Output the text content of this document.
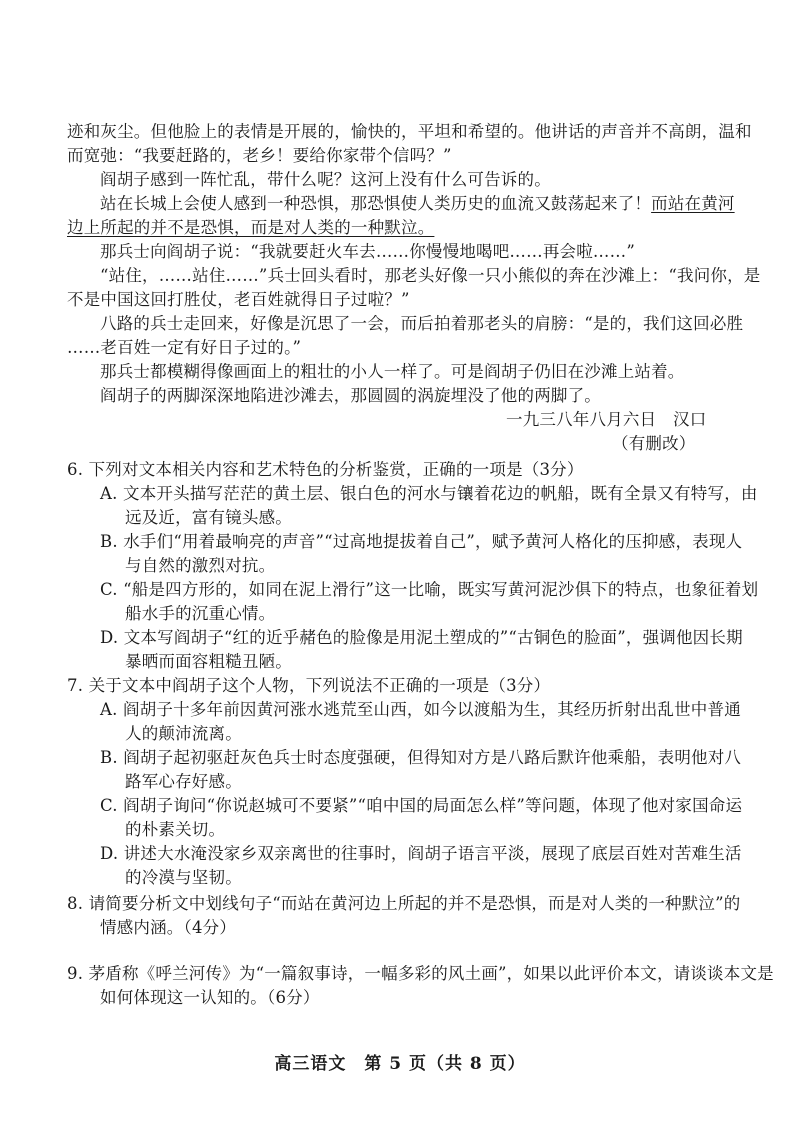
迹和灰尘。但他脸上的表情是开展的，愉快的，平坦和希望的。他讲话的声音并不高朗，温和
而宽弛：“我要赶路的，老乡！要给你家带个信吗？”
阎胡子感到一阵忙乱，带什么呢？这河上没有什么可告诉的。
站在长城上会使人感到一种恐惧，那恐惧使人类历史的血流又鼓荡起来了！而站在黄河
边上所起的并不是恐惧，而是对人类的一种默泣。
那兵士向阎胡子说：“我就要赶火车去……你慢慢地喝吧……再会啦……”
“站住，……站住……”兵士回头看时，那老头好像一只小熊似的奔在沙滩上：“我问你，是
不是中国这回打胜仗，老百姓就得日子过啦？”
八路的兵士走回来，好像是沉思了一会，而后拍着那老头的肩膀：“是的，我们这回必胜
……老百姓一定有好日子过的。”
那兵士都模糊得像画面上的粗壮的小人一样了。可是阎胡子仍旧在沙滩上站着。
阎胡子的两脚深深地陷进沙滩去，那圆圆的涡旋埋没了他的两脚了。
一九三八年八月六日　汉口
（有删改）
6. 下列对文本相关内容和艺术特色的分析鉴赏，正确的一项是（3分）
A. 文本开头描写茫茫的黄土层、银白色的河水与镶着花边的帆船，既有全景又有特写，由
远及近，富有镜头感。
B. 水手们“用着最响亮的声音”“过高地提拔着自己”，赋予黄河人格化的压抑感，表现人
与自然的激烈对抗。
C. “船是四方形的，如同在泥上滑行”这一比喻，既实写黄河泥沙俱下的特点，也象征着划
船水手的沉重心情。
D. 文本写阎胡子“红的近乎赭色的脸像是用泥土塑成的”“古铜色的脸面”，强调他因长期
暴晒而面容粗糙丑陋。
7. 关于文本中阎胡子这个人物，下列说法不正确的一项是（3分）
A. 阎胡子十多年前因黄河涨水逃荒至山西，如今以渡船为生，其经历折射出乱世中普通
人的颠沛流离。
B. 阎胡子起初驱赶灰色兵士时态度强硬，但得知对方是八路后默许他乘船，表明他对八
路军心存好感。
C. 阎胡子询问“你说赵城可不要紧”“咱中国的局面怎么样”等问题，体现了他对家国命运
的朴素关切。
D. 讲述大水淹没家乡双亲离世的往事时，阎胡子语言平淡，展现了底层百姓对苦难生活
的冷漠与坚韧。
8. 请简要分析文中划线句子“而站在黄河边上所起的并不是恐惧，而是对人类的一种默泣”的
情感内涵。（4分）
9. 茅盾称《呼兰河传》为“一篇叙事诗，一幅多彩的风土画”，如果以此评价本文，请谈谈本文是
如何体现这一认知的。（6分）
高三语文　第 5 页（共 8 页）
